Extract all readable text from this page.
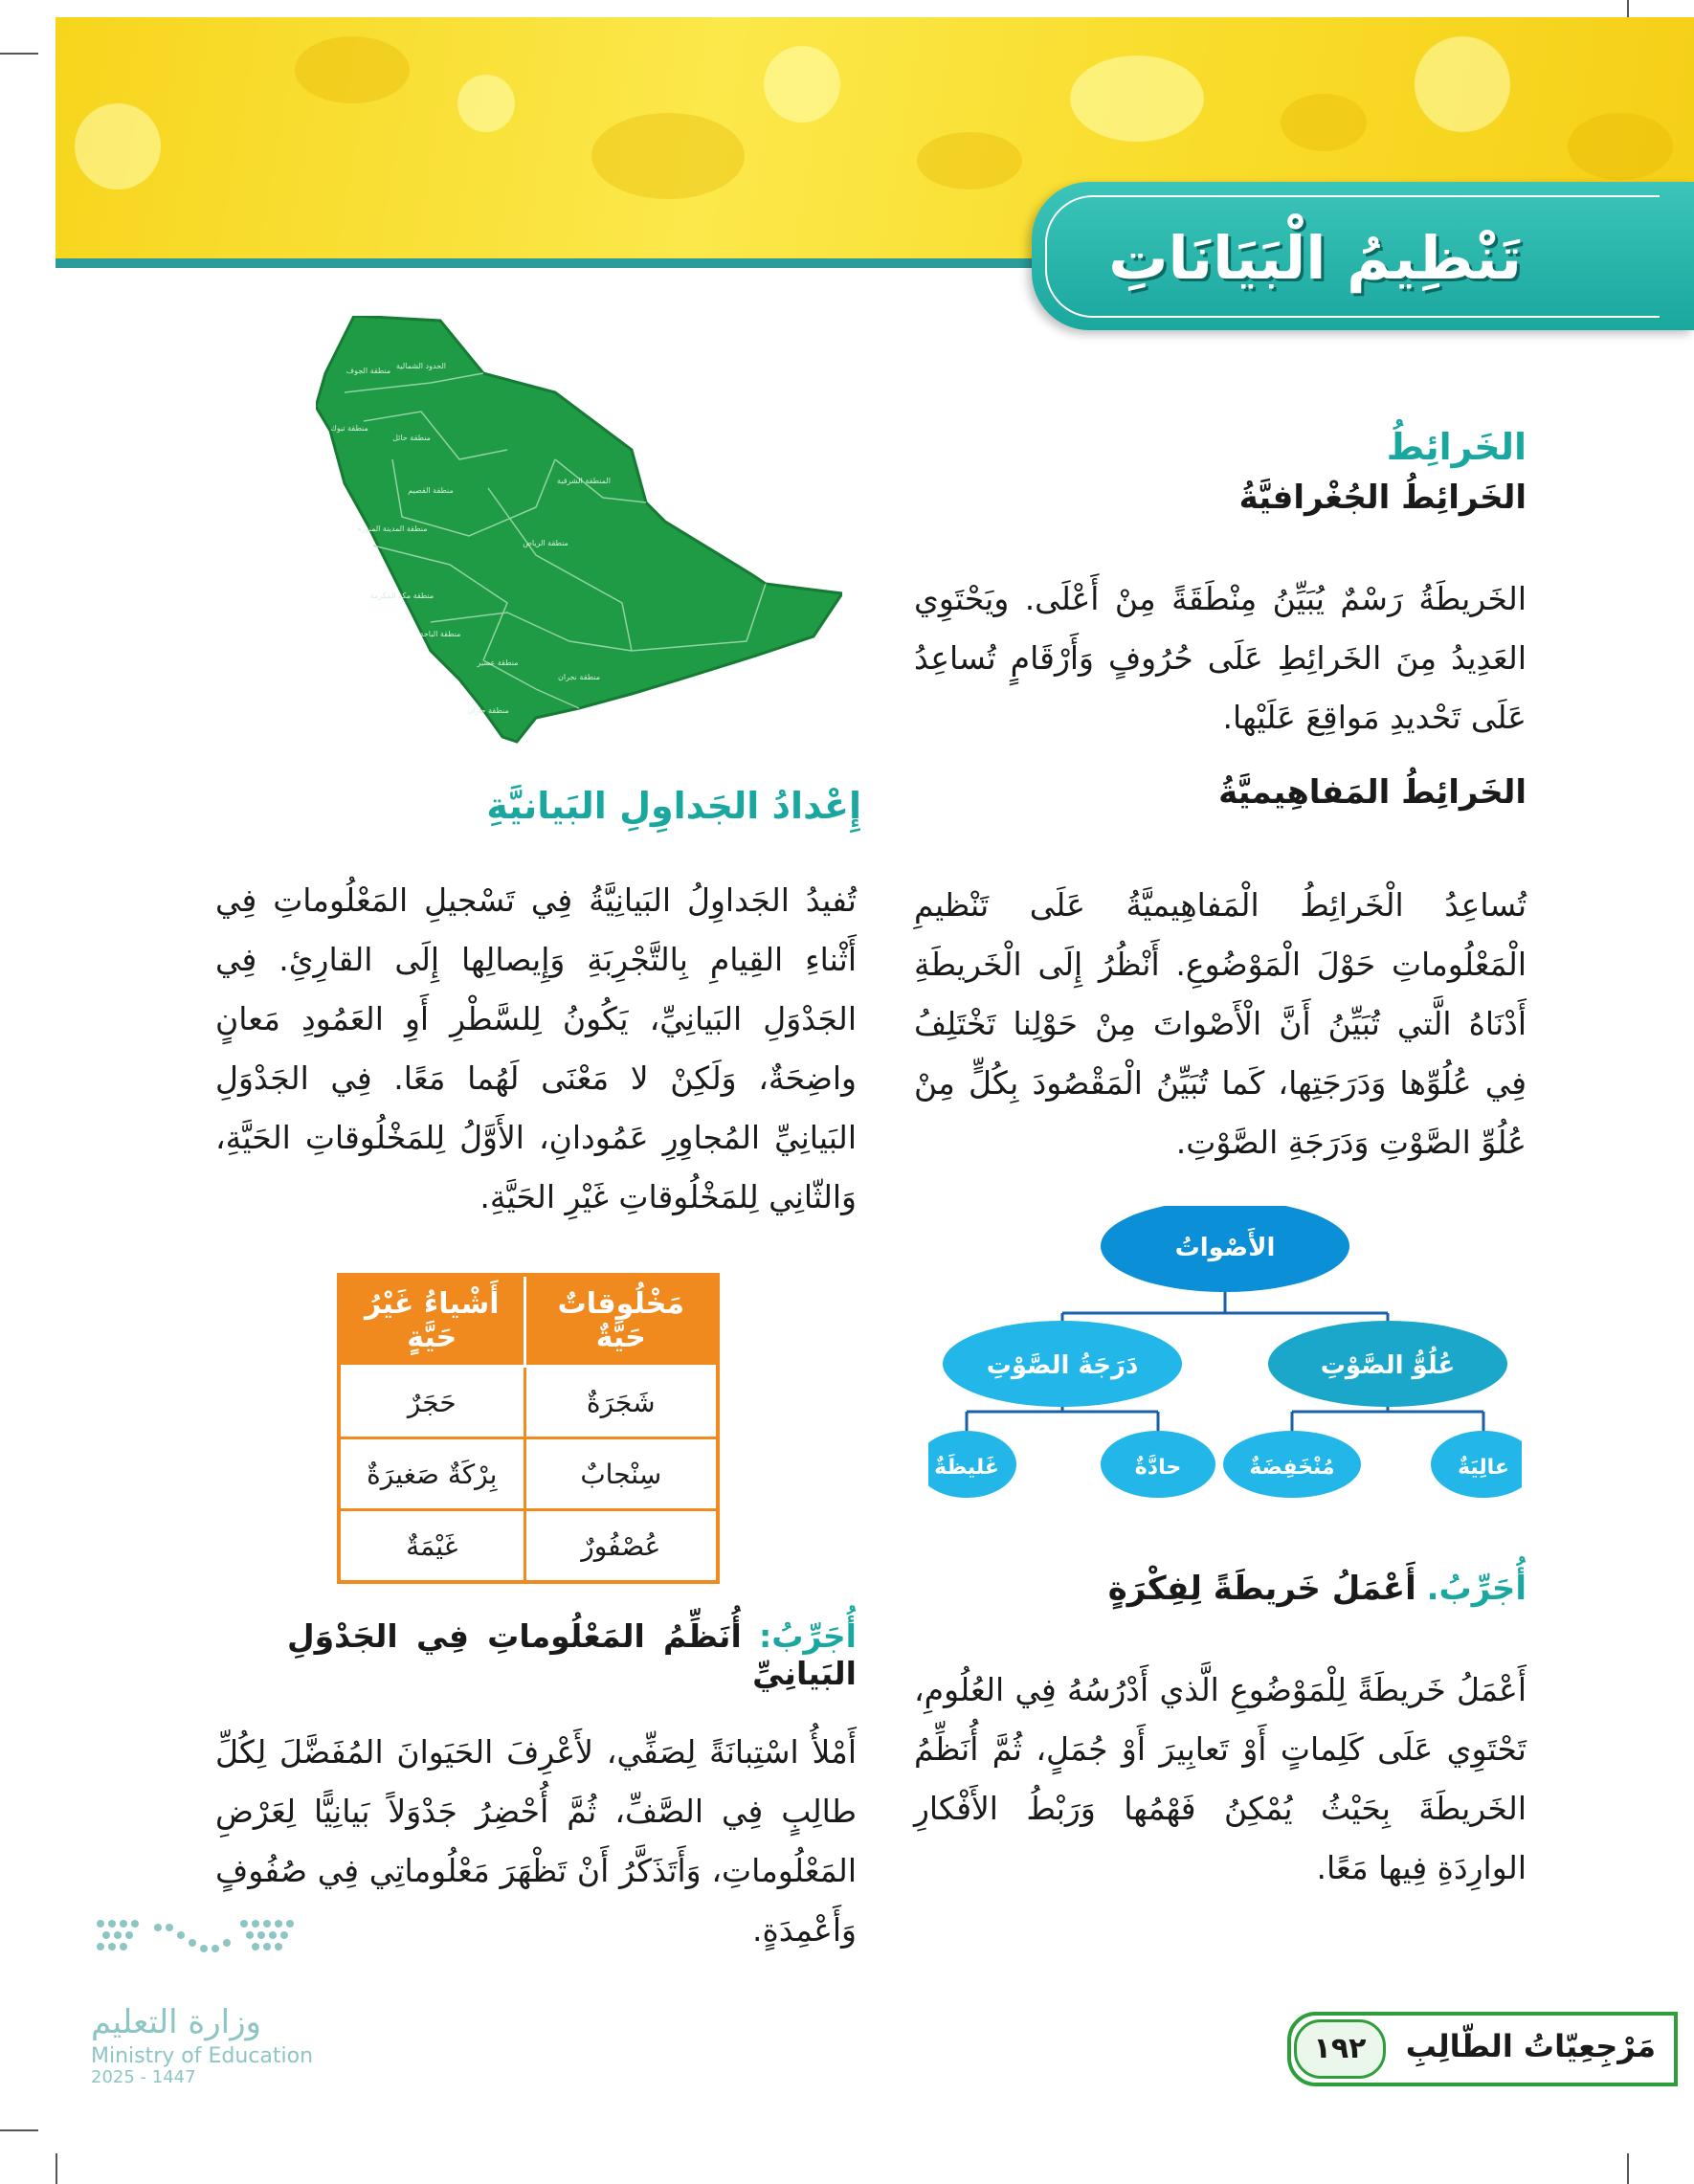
تَنْظِيمُ الْبَيَانَاتِ
الخَرائِطُ
الخَرائِطُ الجُغْرافيَّةُ
الخَريطَةُ رَسْمٌ يُبَيِّنُ مِنْطَقَةً مِنْ أَعْلَى. ويَحْتَوِي العَدِيدُ مِنَ الخَرائِطِ عَلَى حُرُوفٍ وَأَرْقَامٍ تُساعِدُ عَلَى تَحْديدِ مَواقِعَ عَلَيْها.
الخَرائِطُ المَفاهِيميَّةُ
تُساعِدُ الْخَرائِطُ الْمَفاهِيميَّةُ عَلَى تَنْظيمِ الْمَعْلُوماتِ حَوْلَ الْمَوْضُوعِ. أَنْظُرُ إِلَى الْخَريطَةِ أَدْنَاهُ الَّتي تُبَيِّنُ أَنَّ الْأَصْواتَ مِنْ حَوْلِنا تَخْتَلِفُ فِي عُلُوِّها وَدَرَجَتِها، كَما تُبَيِّنُ الْمَقْصُودَ بِكُلٍّ مِنْ عُلُوِّ الصَّوْتِ وَدَرَجَةِ الصَّوْتِ.
الأَصْواتُ
عُلُوُّ الصَّوْتِ
دَرَجَةُ الصَّوْتِ
عالِيَةٌ
مُنْخَفِضَةٌ
حادَّةٌ
غَليظَةٌ
أُجَرِّبُ. أَعْمَلُ خَريطَةً لِفِكْرَةٍ
أَعْمَلُ خَريطَةً لِلْمَوْضُوعِ الَّذي أَدْرُسُهُ فِي العُلُومِ، تَحْتَوِي عَلَى كَلِماتٍ أَوْ تَعابِيرَ أَوْ جُمَلٍ، ثُمَّ أُنَظِّمُ الخَريطَةَ بِحَيْثُ يُمْكِنُ فَهْمُها وَرَبْطُ الأَفْكارِ الوارِدَةِ فِيها مَعًا.
منطقة الجوف
الحدود الشمالية
منطقة تبوك
منطقة حائل
منطقة القصيم
منطقة المدينة المنورة
المنطقة الشرقية
منطقة الرياض
منطقة مكة المكرمة
منطقة الباحة
منطقة عسير
منطقة نجران
منطقة جازان
إِعْدادُ الجَداوِلِ البَيانيَّةِ
تُفيدُ الجَداوِلُ البَيانِيَّةُ فِي تَسْجيلِ المَعْلُوماتِ فِي أَثْناءِ القِيامِ بِالتَّجْرِبَةِ وَإِيصالِها إِلَى القارِئِ. فِي الجَدْوَلِ البَيانِيِّ، يَكُونُ لِلسَّطْرِ أَوِ العَمُودِ مَعانٍ واضِحَةٌ، وَلَكِنْ لا مَعْنَى لَهُما مَعًا. فِي الجَدْوَلِ البَيانِيِّ المُجاوِرِ عَمُودانِ، الأَوَّلُ لِلمَخْلُوقاتِ الحَيَّةِ، وَالثّانِي لِلمَخْلُوقاتِ غَيْرِ الحَيَّةِ.
مَخْلُوقاتٌ حَيَّةٌ	أَشْياءُ غَيْرُ حَيَّةٍ
شَجَرَةٌ	حَجَرٌ
سِنْجابٌ	بِرْكَةٌ صَغيرَةٌ
عُصْفُورٌ	غَيْمَةٌ
أُجَرِّبُ: أُنَظِّمُ المَعْلُوماتِ فِي الجَدْوَلِ البَيانِيِّ
أَمْلأُ اسْتِبانَةً لِصَفِّي، لأَعْرِفَ الحَيَوانَ المُفَضَّلَ لِكُلِّ طالِبٍ فِي الصَّفِّ، ثُمَّ أُحْضِرُ جَدْوَلاً بَيانِيًّا لِعَرْضِ المَعْلُوماتِ، وَأَتَذَكَّرُ أَنْ تَظْهَرَ مَعْلُوماتِي فِي صُفُوفٍ وَأَعْمِدَةٍ.
وزارة التعليم
Ministry of Education
2025 - 1447
مَرْجِعِيّاتُ الطّالِبِ
١٩٢
